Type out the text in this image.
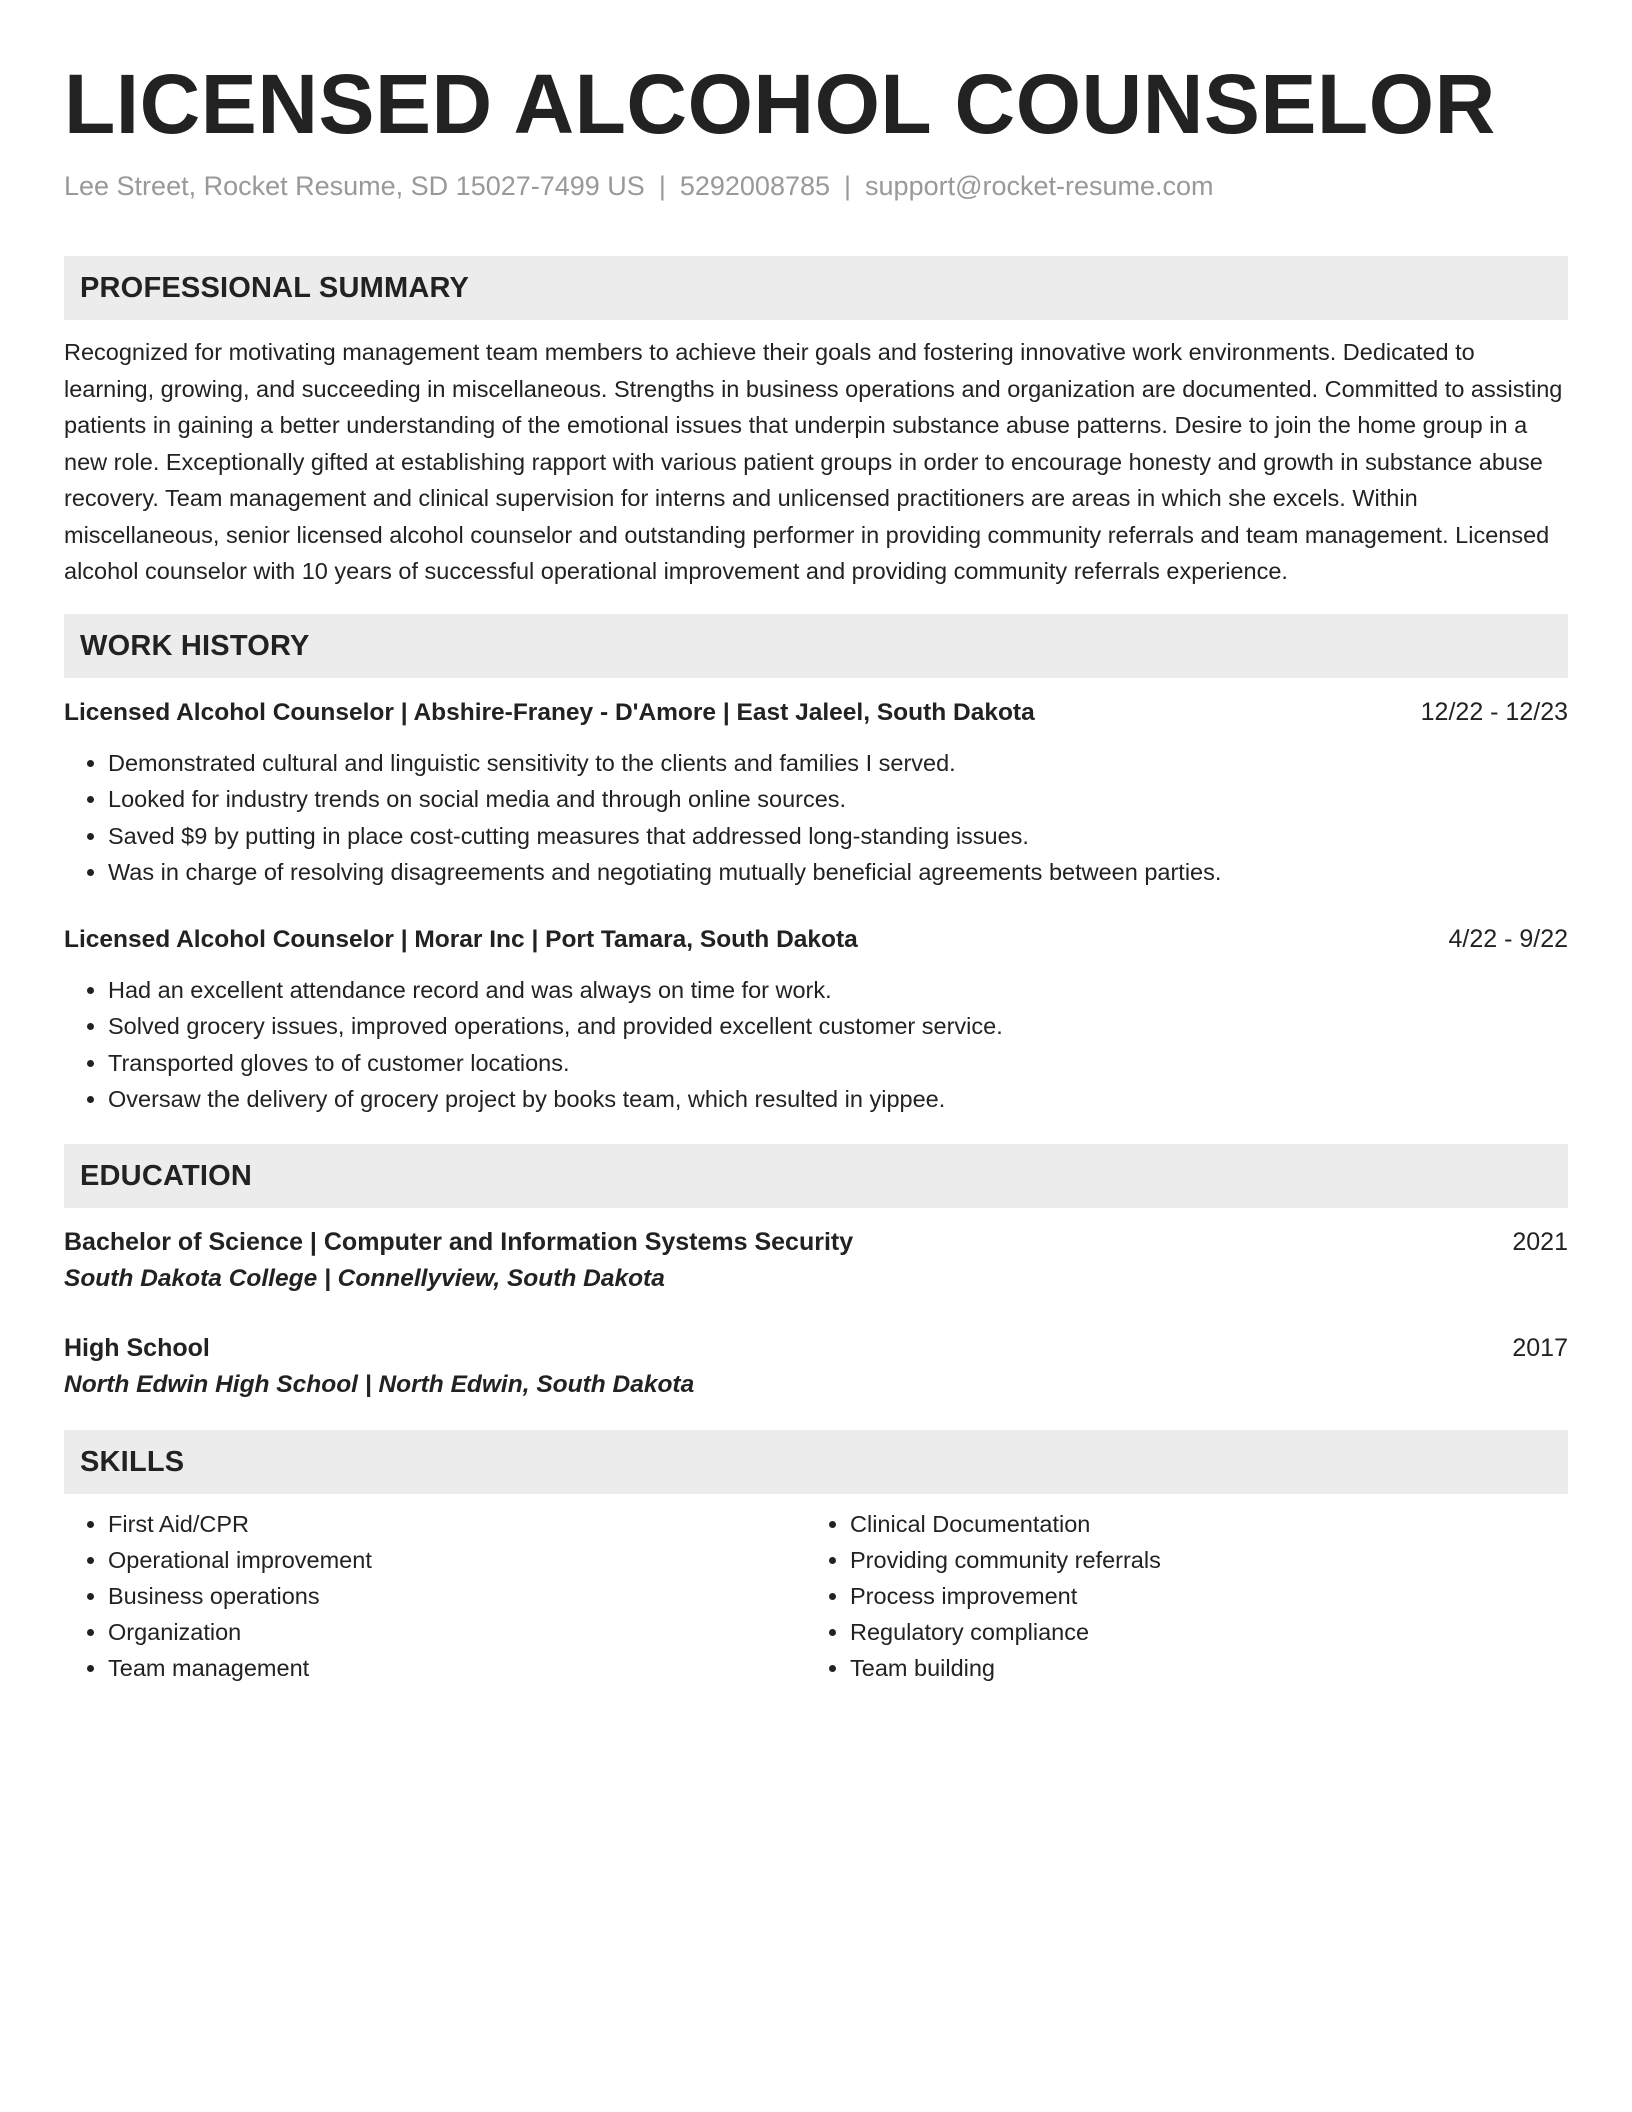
LICENSED ALCOHOL COUNSELOR
Lee Street, Rocket Resume, SD 15027-7499 US | 5292008785 | support@rocket-resume.com
PROFESSIONAL SUMMARY
Recognized for motivating management team members to achieve their goals and fostering innovative work environments. Dedicated to learning, growing, and succeeding in miscellaneous. Strengths in business operations and organization are documented. Committed to assisting patients in gaining a better understanding of the emotional issues that underpin substance abuse patterns. Desire to join the home group in a new role. Exceptionally gifted at establishing rapport with various patient groups in order to encourage honesty and growth in substance abuse recovery. Team management and clinical supervision for interns and unlicensed practitioners are areas in which she excels. Within miscellaneous, senior licensed alcohol counselor and outstanding performer in providing community referrals and team management. Licensed alcohol counselor with 10 years of successful operational improvement and providing community referrals experience.
WORK HISTORY
Licensed Alcohol Counselor | Abshire-Franey - D'Amore | East Jaleel, South Dakota	12/22 - 12/23
• Demonstrated cultural and linguistic sensitivity to the clients and families I served.
• Looked for industry trends on social media and through online sources.
• Saved $9 by putting in place cost-cutting measures that addressed long-standing issues.
• Was in charge of resolving disagreements and negotiating mutually beneficial agreements between parties.
Licensed Alcohol Counselor | Morar Inc | Port Tamara, South Dakota	4/22 - 9/22
• Had an excellent attendance record and was always on time for work.
• Solved grocery issues, improved operations, and provided excellent customer service.
• Transported gloves to of customer locations.
• Oversaw the delivery of grocery project by books team, which resulted in yippee.
EDUCATION
Bachelor of Science | Computer and Information Systems Security	2021
South Dakota College | Connellyview, South Dakota
High School	2017
North Edwin High School | North Edwin, South Dakota
SKILLS
• First Aid/CPR
• Operational improvement
• Business operations
• Organization
• Team management
• Clinical Documentation
• Providing community referrals
• Process improvement
• Regulatory compliance
• Team building
